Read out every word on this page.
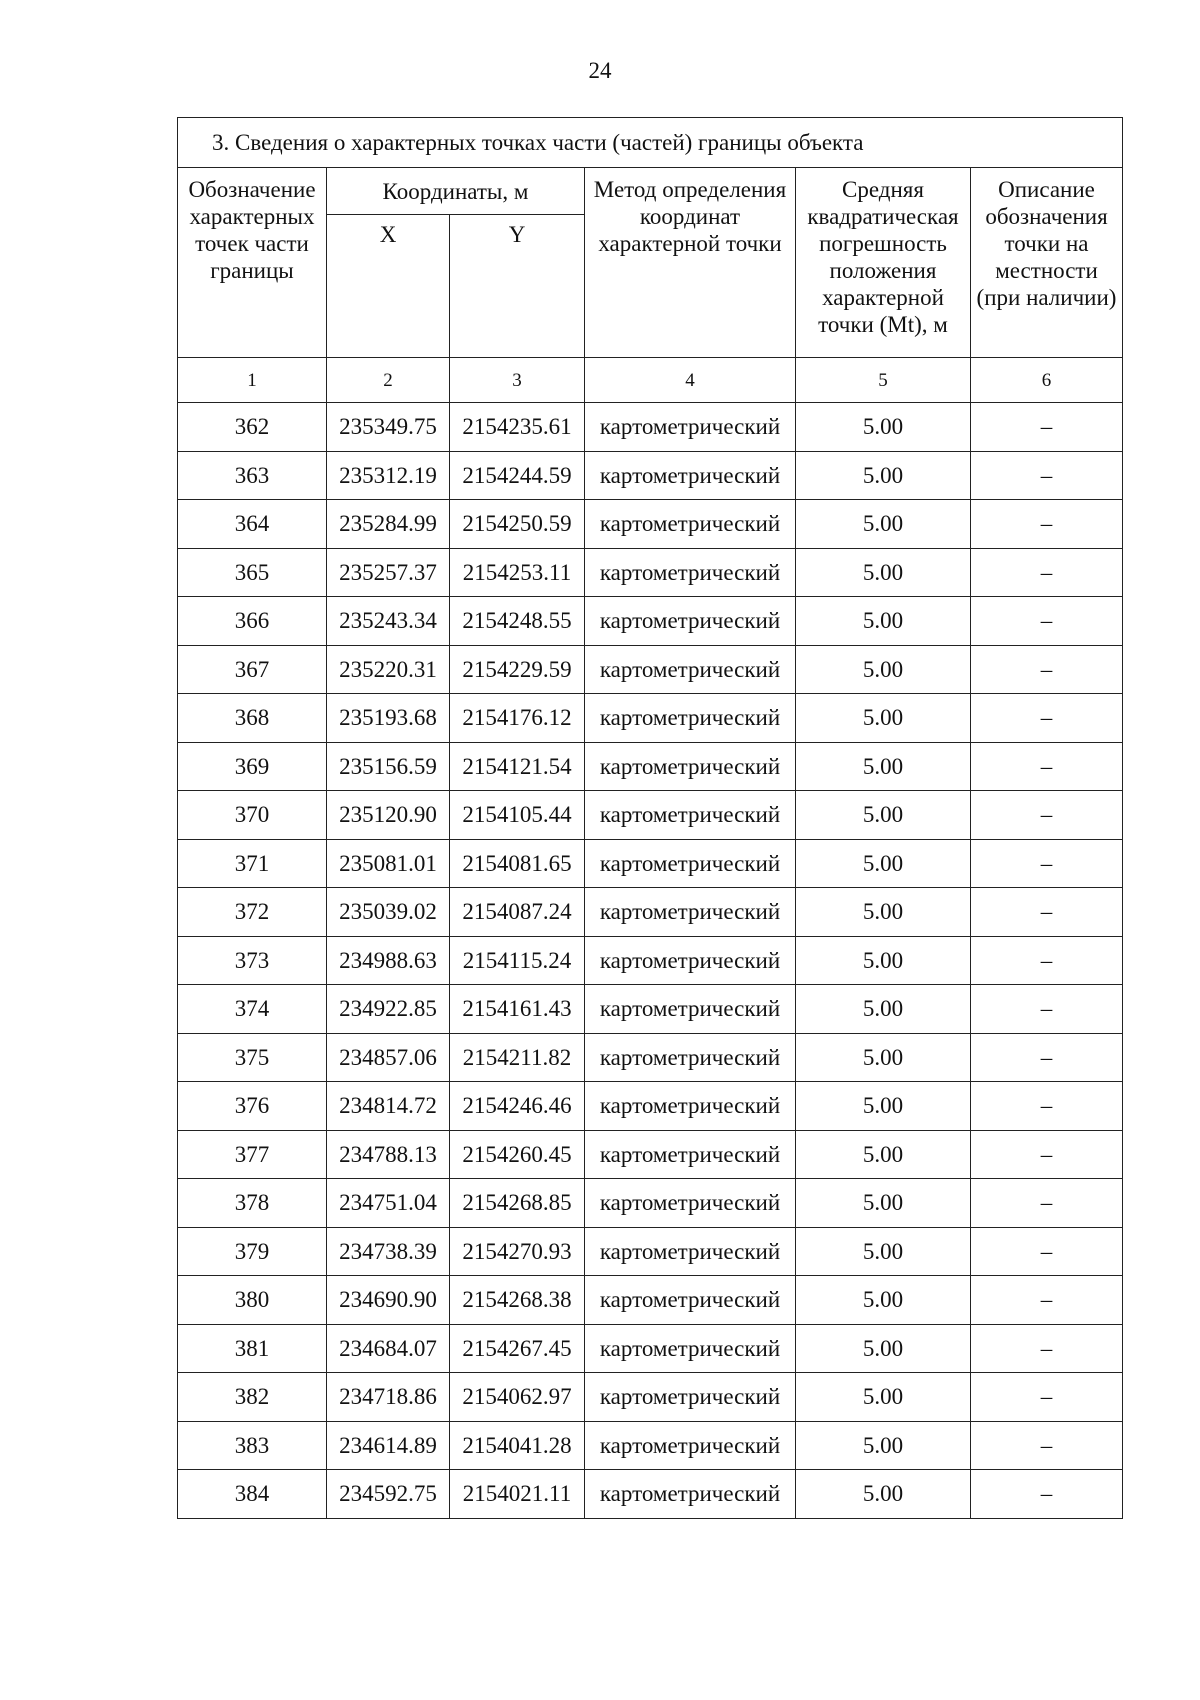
24
3. Сведения о характерных точках части (частей) границы объекта					
Обозначение характерных точек части границы	Координаты, м		Метод определения координат характерной точки	Средняя квадратическая погрешность положения характерной точки (Mt), м	Описание обозначения точки на местности (при наличии)
	X	Y			
1	2	3	4	5	6
362	235349.75	2154235.61	картометрический	5.00	–
363	235312.19	2154244.59	картометрический	5.00	–
364	235284.99	2154250.59	картометрический	5.00	–
365	235257.37	2154253.11	картометрический	5.00	–
366	235243.34	2154248.55	картометрический	5.00	–
367	235220.31	2154229.59	картометрический	5.00	–
368	235193.68	2154176.12	картометрический	5.00	–
369	235156.59	2154121.54	картометрический	5.00	–
370	235120.90	2154105.44	картометрический	5.00	–
371	235081.01	2154081.65	картометрический	5.00	–
372	235039.02	2154087.24	картометрический	5.00	–
373	234988.63	2154115.24	картометрический	5.00	–
374	234922.85	2154161.43	картометрический	5.00	–
375	234857.06	2154211.82	картометрический	5.00	–
376	234814.72	2154246.46	картометрический	5.00	–
377	234788.13	2154260.45	картометрический	5.00	–
378	234751.04	2154268.85	картометрический	5.00	–
379	234738.39	2154270.93	картометрический	5.00	–
380	234690.90	2154268.38	картометрический	5.00	–
381	234684.07	2154267.45	картометрический	5.00	–
382	234718.86	2154062.97	картометрический	5.00	–
383	234614.89	2154041.28	картометрический	5.00	–
384	234592.75	2154021.11	картометрический	5.00	–
